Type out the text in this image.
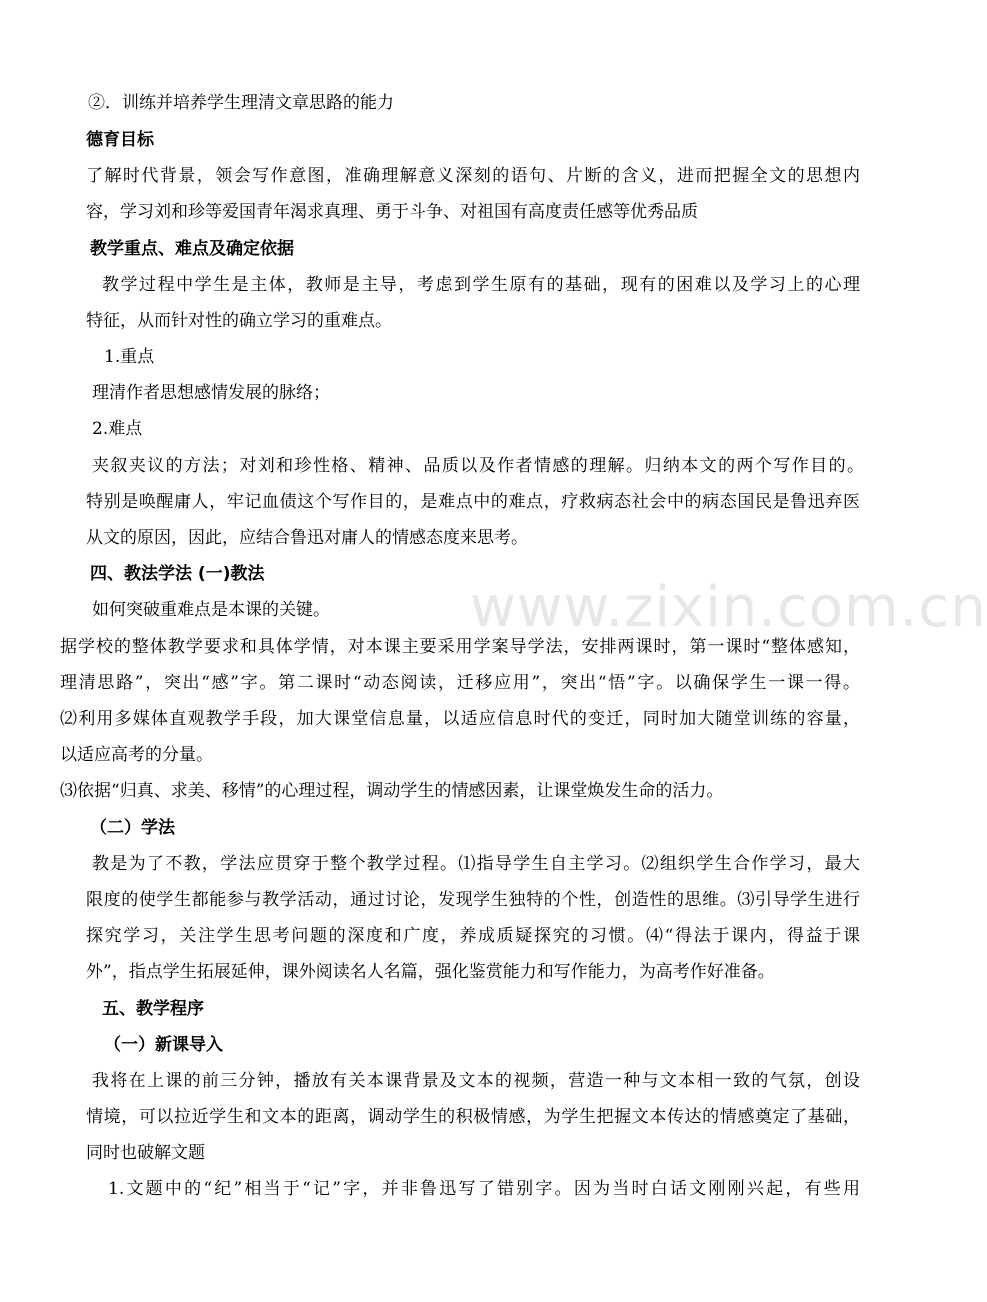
www.zixin.com.cn
②．训练并培养学生理清文章思路的能力
德育目标
了解时代背景，领会写作意图，准确理解意义深刻的语句、片断的含义，进而把握全文的思想内
容，学习刘和珍等爱国青年渴求真理、勇于斗争、对祖国有高度责任感等优秀品质
教学重点、难点及确定依据
教学过程中学生是主体，教师是主导，考虑到学生原有的基础，现有的困难以及学习上的心理
特征，从而针对性的确立学习的重难点。
1.重点
理清作者思想感情发展的脉络；
2.难点
夹叙夹议的方法；对刘和珍性格、精神、品质以及作者情感的理解。归纳本文的两个写作目的。
特别是唤醒庸人，牢记血债这个写作目的，是难点中的难点，疗救病态社会中的病态国民是鲁迅弃医
从文的原因，因此，应结合鲁迅对庸人的情感态度来思考。
四、教法学法 (一)教法
如何突破重难点是本课的关键。
据学校的整体教学要求和具体学情，对本课主要采用学案导学法，安排两课时，第一课时“整体感知，
理清思路”，突出“感”字。第二课时“动态阅读，迁移应用”，突出“悟”字。以确保学生一课一得。
⑵利用多媒体直观教学手段，加大课堂信息量，以适应信息时代的变迁，同时加大随堂训练的容量，
以适应高考的分量。
⑶依据“归真、求美、移情”的心理过程，调动学生的情感因素，让课堂焕发生命的活力。
（二）学法
教是为了不教，学法应贯穿于整个教学过程。⑴指导学生自主学习。⑵组织学生合作学习，最大
限度的使学生都能参与教学活动，通过讨论，发现学生独特的个性，创造性的思维。⑶引导学生进行
探究学习，关注学生思考问题的深度和广度，养成质疑探究的习惯。⑷“得法于课内，得益于课
外”，指点学生拓展延伸，课外阅读名人名篇，强化鉴赏能力和写作能力，为高考作好准备。
五、教学程序
（一）新课导入
我将在上课的前三分钟，播放有关本课背景及文本的视频，营造一种与文本相一致的气氛，创设
情境，可以拉近学生和文本的距离，调动学生的积极情感，为学生把握文本传达的情感奠定了基础，
同时也破解文题
1.文题中的“纪”相当于“记”字，并非鲁迅写了错别字。因为当时白话文刚刚兴起，有些用
